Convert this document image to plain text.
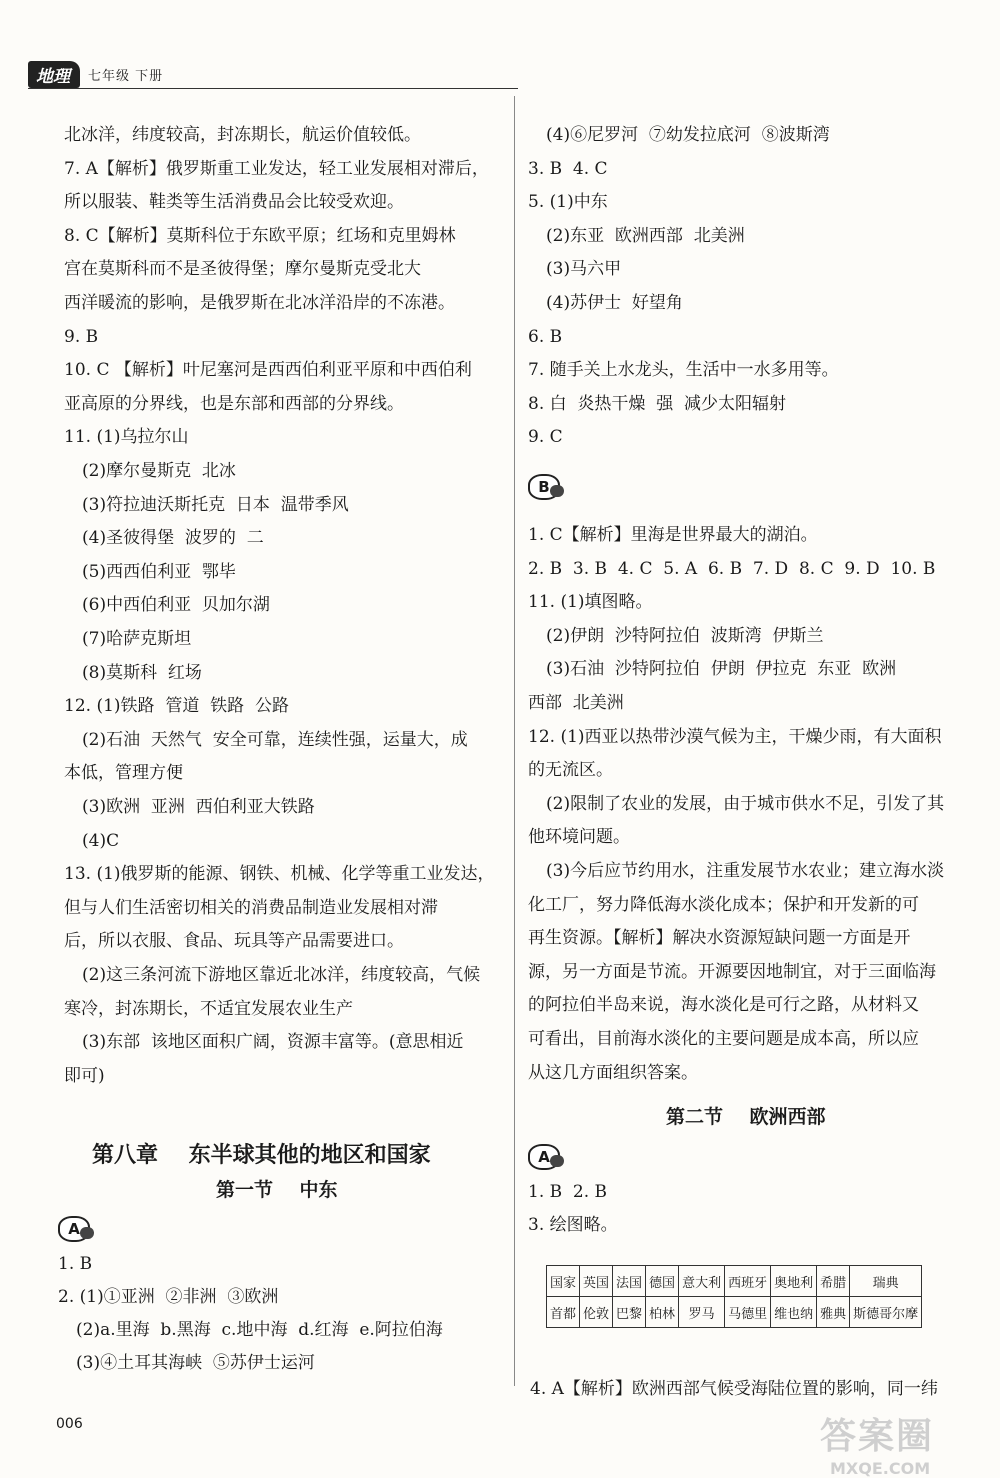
地理	七年级 下册
北冰洋，纬度较高，封冻期长，航运价值较低。
7. A【解析】俄罗斯重工业发达，轻工业发展相对滞后，
所以服装、鞋类等生活消费品会比较受欢迎。
8. C【解析】莫斯科位于东欧平原；红场和克里姆林
宫在莫斯科而不是圣彼得堡；摩尔曼斯克受北大
西洋暖流的影响，是俄罗斯在北冰洋沿岸的不冻港。
9. B
10. C 【解析】叶尼塞河是西西伯利亚平原和中西伯利
亚高原的分界线，也是东部和西部的分界线。
11. (1)乌拉尔山
(2)摩尔曼斯克  北冰
(3)符拉迪沃斯托克  日本  温带季风
(4)圣彼得堡  波罗的  二
(5)西西伯利亚  鄂毕
(6)中西伯利亚  贝加尔湖
(7)哈萨克斯坦
(8)莫斯科  红场
12. (1)铁路  管道  铁路  公路
(2)石油  天然气  安全可靠，连续性强，运量大，成
本低，管理方便
(3)欧洲  亚洲  西伯利亚大铁路
(4)C
13. (1)俄罗斯的能源、钢铁、机械、化学等重工业发达，
但与人们生活密切相关的消费品制造业发展相对滞
后，所以衣服、食品、玩具等产品需要进口。
(2)这三条河流下游地区靠近北冰洋，纬度较高，气候
寒冷，封冻期长，不适宜发展农业生产
(3)东部  该地区面积广阔，资源丰富等。(意思相近
即可)
第八章    东半球其他的地区和国家
第一节    中东
A
1. B
2. (1)①亚洲  ②非洲  ③欧洲
(2)a.里海  b.黑海  c.地中海  d.红海  e.阿拉伯海
(3)④土耳其海峡  ⑤苏伊士运河
(4)⑥尼罗河  ⑦幼发拉底河  ⑧波斯湾
3. B  4. C
5. (1)中东
(2)东亚  欧洲西部  北美洲
(3)马六甲
(4)苏伊士  好望角
6. B
7. 随手关上水龙头，生活中一水多用等。
8. 白  炎热干燥  强  减少太阳辐射
9. C
B
1. C【解析】里海是世界最大的湖泊。
2. B  3. B  4. C  5. A  6. B  7. D  8. C  9. D  10. B
11. (1)填图略。
(2)伊朗  沙特阿拉伯  波斯湾  伊斯兰
(3)石油  沙特阿拉伯  伊朗  伊拉克  东亚  欧洲
西部  北美洲
12. (1)西亚以热带沙漠气候为主，干燥少雨，有大面积
的无流区。
(2)限制了农业的发展，由于城市供水不足，引发了其
他环境问题。
(3)今后应节约用水，注重发展节水农业；建立海水淡
化工厂，努力降低海水淡化成本；保护和开发新的可
再生资源。【解析】解决水资源短缺问题一方面是开
源，另一方面是节流。开源要因地制宜，对于三面临海
的阿拉伯半岛来说，海水淡化是可行之路，从材料又
可看出，目前海水淡化的主要问题是成本高，所以应
从这几方面组织答案。
第二节    欧洲西部
A
1. B  2. B
3. 绘图略。
国家	英国	法国	德国	意大利	西班牙	奥地利	希腊	瑞典
首都	伦敦	巴黎	柏林	罗马	马德里	维也纳	雅典	斯德哥尔摩
4. A【解析】欧洲西部气候受海陆位置的影响，同一纬
006	答案圈
MXQE.COM
